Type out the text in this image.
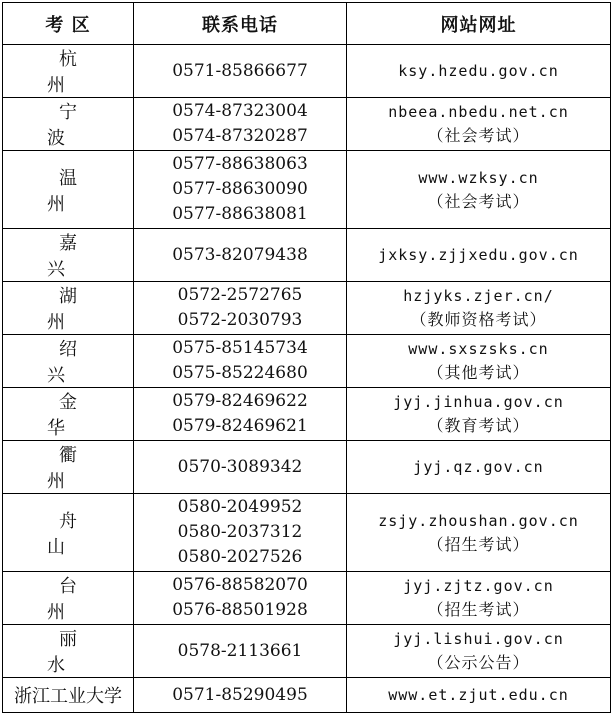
考 区	联系电话	网站网址
杭 州	0571-85866677	ksy.hzedu.gov.cn

宁 波	0574-87323004
0574-87320287	nbeea.nbedu.net.cn
（社会考试）

温 州	0577-88638063
0577-88630090
0577-88638081	www.wzksy.cn
（社会考试）

嘉 兴	0573-82079438	jxksy.zjjxedu.gov.cn

湖 州	0572-2572765
0572-2030793	hzjyks.zjer.cn/
（教师资格考试）

绍 兴	0575-85145734
0575-85224680	www.sxszsks.cn
（其他考试）

金 华	0579-82469622
0579-82469621	jyj.jinhua.gov.cn
（教育考试）

衢 州	0570-3089342	jyj.qz.gov.cn

舟 山	0580-2049952
0580-2037312
0580-2027526	zsjy.zhoushan.gov.cn
（招生考试）

台 州	0576-88582070
0576-88501928	jyj.zjtz.gov.cn
（招生考试）

丽 水	0578-2113661	jyj.lishui.gov.cn
（公示公告）

浙江工业大学	0571-85290495	www.et.zjut.edu.cn
